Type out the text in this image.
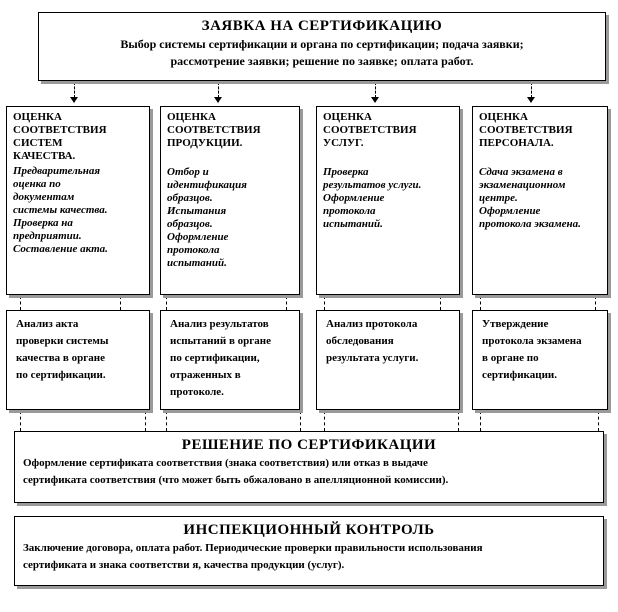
ЗАЯВКА НА СЕРТИФИКАЦИЮ
Выбор системы сертификации и органа по сертификации; подача заявки;
рассмотрение заявки; решение по заявке; оплата работ.
ОЦЕНКА
СООТВЕТСТВИЯ
СИСТЕМ
КАЧЕСТВА.
Предварительная
оценка по
документам
системы качества.
Проверка на
предприятии.
Составление акта.
ОЦЕНКА
СООТВЕТСТВИЯ
ПРОДУКЦИИ.
Отбор и
идентификация
образцов.
Испытания
образцов.
Оформление
протокола
испытаний.
ОЦЕНКА
СООТВЕТСТВИЯ
УСЛУГ.
Проверка
результатов услуги.
Оформление
протокола
испытаний.
ОЦЕНКА
СООТВЕТСТВИЯ
ПЕРСОНАЛА.
Сдача экзамена в
экзаменационном
центре.
Оформление
протокола экзамена.
Анализ акта
проверки системы
качества в органе
по сертификации.
Анализ результатов
испытаний в органе
по сертификации,
отраженных в
протоколе.
Анализ протокола
обследования
результата услуги.
Утверждение
протокола экзамена
в органе по
сертификации.
РЕШЕНИЕ ПО СЕРТИФИКАЦИИ
Оформление сертификата соответствия (знака соответствия) или отказ в выдаче
сертификата соответствия (что может быть обжаловано в апелляционной комиссии).
ИНСПЕКЦИОННЫЙ КОНТРОЛЬ
Заключение договора, оплата работ. Периодические проверки правильности использования
сертификата и знака соответстви я, качества продукции (услуг).
